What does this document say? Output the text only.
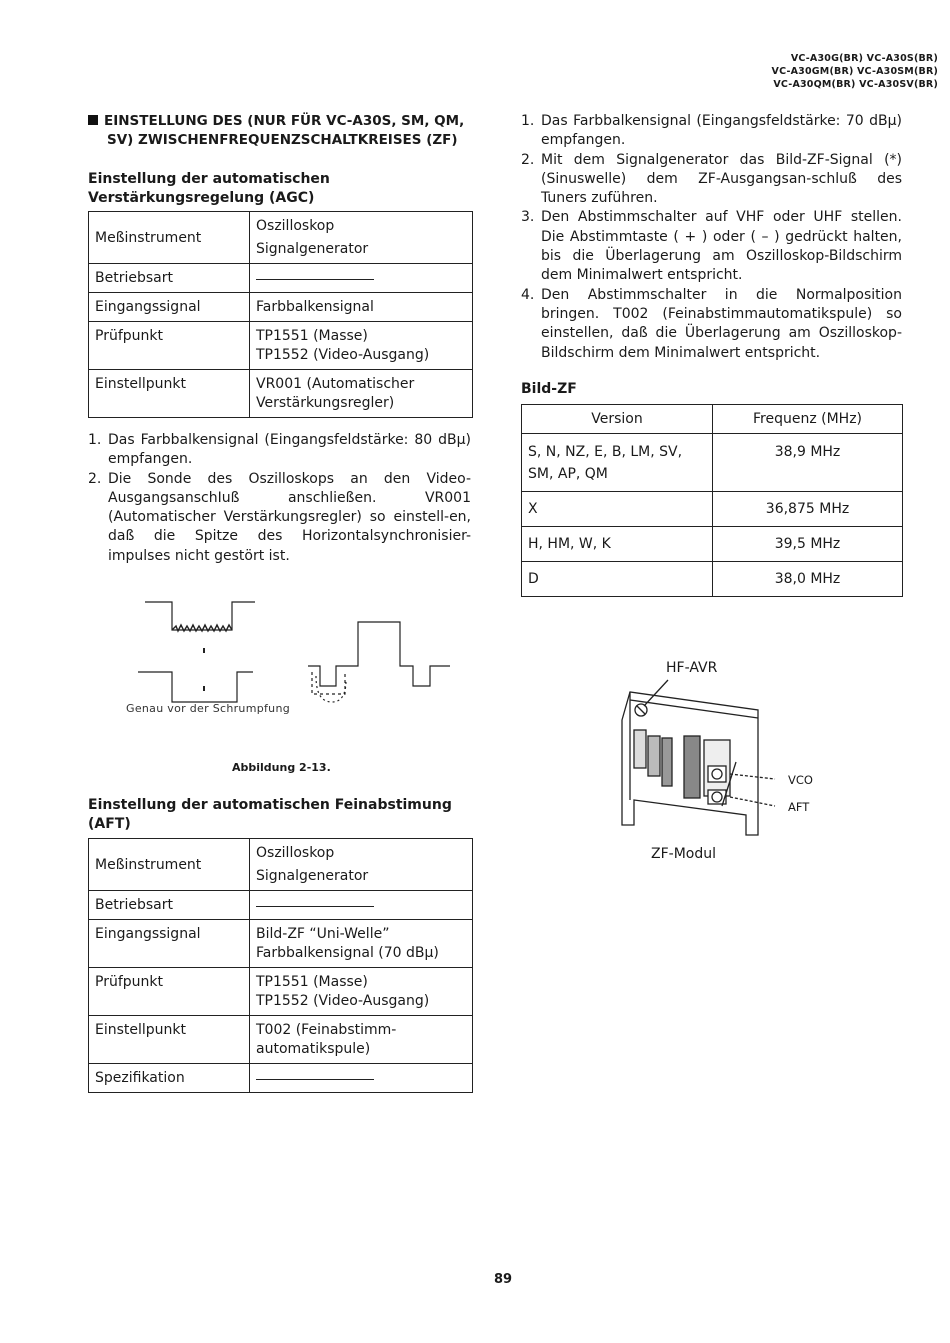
VC-A30G(BR) VC-A30S(BR)
VC-A30GM(BR) VC-A30SM(BR)
VC-A30QM(BR) VC-A30SV(BR)
EINSTELLUNG DES (NUR FÜR VC-A30S, SM, QM,
SV) ZWISCHENFREQUENZSCHALTKREISES (ZF)
Einstellung der automatischen
Verstärkungsregelung (AGC)
Meßinstrument	Oszilloskop
Signalgenerator

Betriebsart	
Eingangssignal	Farbbalkensignal
Prüfpunkt	TP1551 (Masse)
TP1552 (Video-Ausgang)

Einstellpunkt	VR001 (Automatischer
Verstärkungsregler)
1. Das Farbbalkensignal (Eingangsfeldstärke: 80 dBμ) empfangen.
2. Die Sonde des Oszilloskops an den Video-AusgangsanschIuß anschließen. VR001 (Automatischer Verstärkungsregler) so einstell-en, daß die Spitze des Horizontalsynchronisier-impulses nicht gestört ist.
Genau vor der Schrumpfung
Abbildung 2-13.
Einstellung der automatischen Feinabstimung
(AFT)
Meßinstrument	Oszilloskop
Signalgenerator

Betriebsart	
Eingangssignal	Bild-ZF “Uni-Welle”
Farbbalkensignal (70 dBμ)

Prüfpunkt	TP1551 (Masse)
TP1552 (Video-Ausgang)

Einstellpunkt	T002 (Feinabstimm-
automatikspule)

Spezifikation	
1. Das Farbbalkensignal (Eingangsfeldstärke: 70 dBμ) empfangen.
2. Mit dem Signalgenerator das Bild-ZF-Signal (*) (Sinuswelle) dem ZF-Ausgangsan-schluß des Tuners zuführen.
3. Den Abstimmschalter auf VHF oder UHF stellen. Die Abstimmtaste ( + ) oder ( – ) gedrückt halten, bis die Überlagerung am Oszilloskop-Bildschirm dem Minimalwert entspricht.
4. Den Abstimmschalter in die Normalposition bringen. T002 (Feinabstimmautomatikspule) so einstellen, daß die Überlagerung am Oszilloskop-Bildschirm dem Minimalwert entspricht.
Bild-ZF
Version	Frequenz (MHz)

S, N, NZ, E, B, LM, SV,
SM, AP, QM	38,9 MHz
X	36,875 MHz
H, HM, W, K	39,5 MHz
D	38,0 MHz
HF-AVR
VCO
AFT
ZF-Modul
89
